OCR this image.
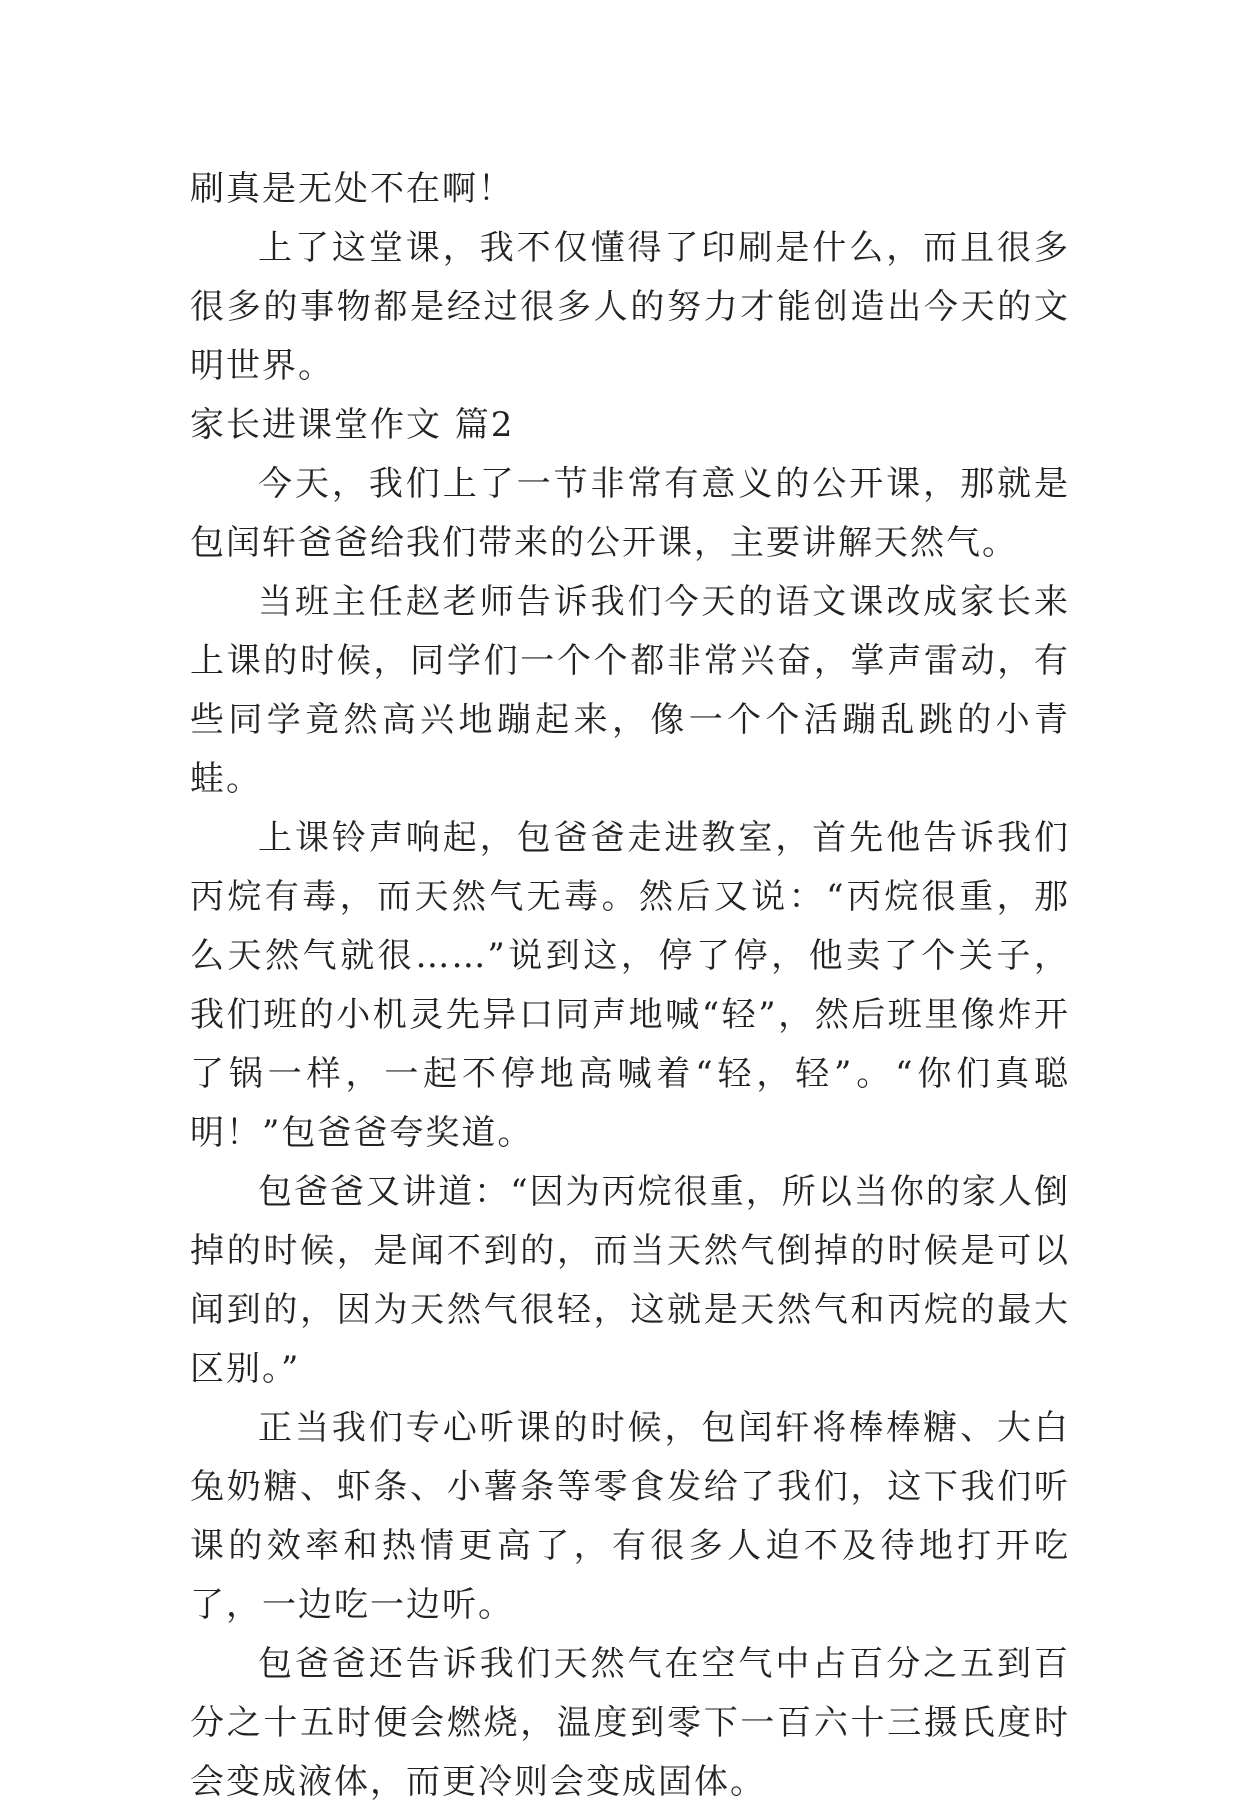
刷真是无处不在啊！

上了这堂课，我不仅懂得了印刷是什么，而且很多很多的事物都是经过很多人的努力才能创造出今天的文明世界。

家长进课堂作文 篇2

今天，我们上了一节非常有意义的公开课，那就是包闰轩爸爸给我们带来的公开课，主要讲解天然气。

当班主任赵老师告诉我们今天的语文课改成家长来上课的时候，同学们一个个都非常兴奋，掌声雷动，有些同学竟然高兴地蹦起来，像一个个活蹦乱跳的小青蛙。

上课铃声响起，包爸爸走进教室，首先他告诉我们丙烷有毒，而天然气无毒。然后又说：“丙烷很重，那么天然气就很……”说到这，停了停，他卖了个关子，我们班的小机灵先异口同声地喊“轻”，然后班里像炸开了锅一样，一起不停地高喊着“轻，轻”。“你们真聪明！”包爸爸夸奖道。

包爸爸又讲道：“因为丙烷很重，所以当你的家人倒掉的时候，是闻不到的，而当天然气倒掉的时候是可以闻到的，因为天然气很轻，这就是天然气和丙烷的最大区别。”

正当我们专心听课的时候，包闰轩将棒棒糖、大白兔奶糖、虾条、小薯条等零食发给了我们，这下我们听课的效率和热情更高了，有很多人迫不及待地打开吃了，一边吃一边听。

包爸爸还告诉我们天然气在空气中占百分之五到百分之十五时便会燃烧，温度到零下一百六十三摄氏度时会变成液体，而更冷则会变成固体。
